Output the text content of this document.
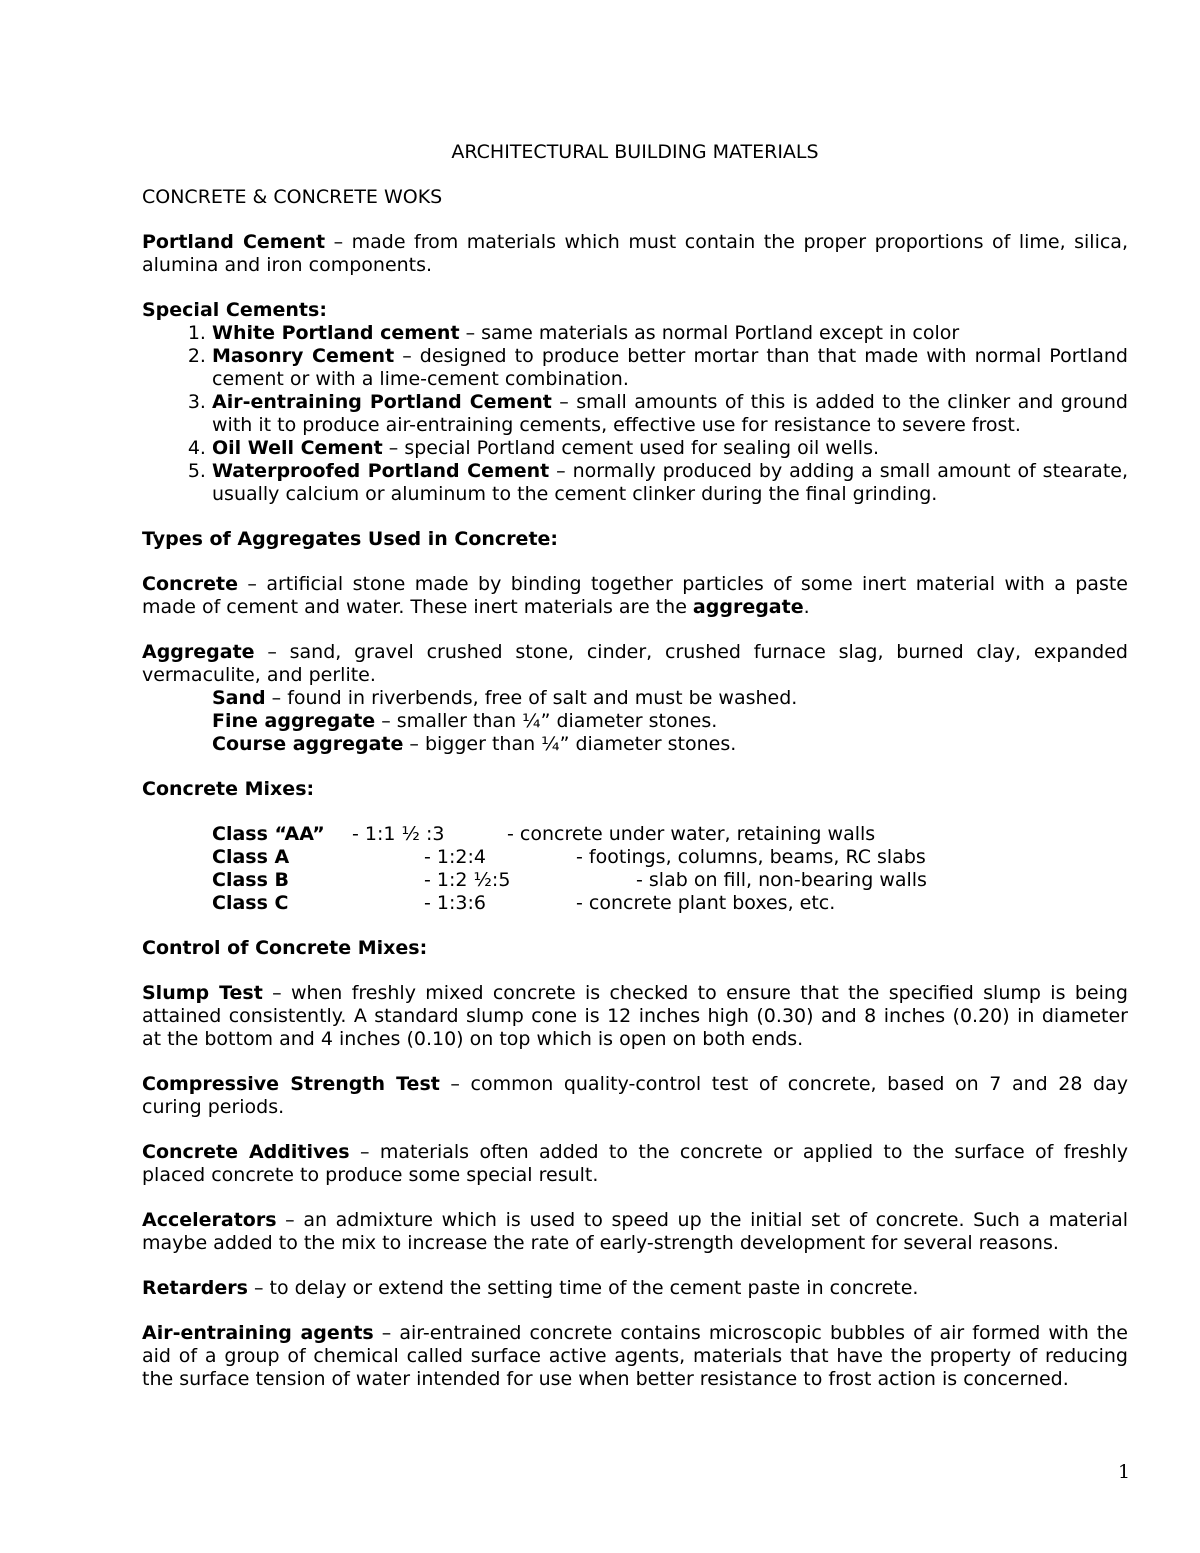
ARCHITECTURAL BUILDING MATERIALS

CONCRETE & CONCRETE WOKS

Portland Cement – made from materials which must contain the proper proportions of lime, silica, alumina and iron components.

Special Cements:

1. White Portland cement – same materials as normal Portland except in color
2. Masonry Cement – designed to produce better mortar than that made with normal Portland cement or with a lime-cement combination.
3. Air-entraining Portland Cement – small amounts of this is added to the clinker and ground with it to produce air-entraining cements, effective use for resistance to severe frost.
4. Oil Well Cement – special Portland cement used for sealing oil wells.
5. Waterproofed Portland Cement – normally produced by adding a small amount of stearate, usually calcium or aluminum to the cement clinker during the final grinding.

Types of Aggregates Used in Concrete:

Concrete – artificial stone made by binding together particles of some inert material with a paste made of cement and water. These inert materials are the aggregate.

Aggregate – sand, gravel crushed stone, cinder, crushed furnace slag, burned clay, expanded vermaculite, and perlite.

Sand – found in riverbends, free of salt and must be washed.

Fine aggregate – smaller than ¼” diameter stones.

Course aggregate – bigger than ¼” diameter stones.

Concrete Mixes:

Class “AA”	- 1:1 ½ :3	- concrete under water, retaining walls
Class A	- 1:2:4	- footings, columns, beams, RC slabs
Class B	- 1:2 ½:5	- slab on fill, non-bearing walls
Class C	- 1:3:6	- concrete plant boxes, etc.

Control of Concrete Mixes:

Slump Test – when freshly mixed concrete is checked to ensure that the specified slump is being attained consistently. A standard slump cone is 12 inches high (0.30) and 8 inches (0.20) in diameter at the bottom and 4 inches (0.10) on top which is open on both ends.

Compressive Strength Test – common quality-control test of concrete, based on 7 and 28 day curing periods.

Concrete Additives – materials often added to the concrete or applied to the surface of freshly placed concrete to produce some special result.

Accelerators – an admixture which is used to speed up the initial set of concrete. Such a material maybe added to the mix to increase the rate of early-strength development for several reasons.

Retarders – to delay or extend the setting time of the cement paste in concrete.

Air-entraining agents – air-entrained concrete contains microscopic bubbles of air formed with the aid of a group of chemical called surface active agents, materials that have the property of reducing the surface tension of water intended for use when better resistance to frost action is concerned.

1
